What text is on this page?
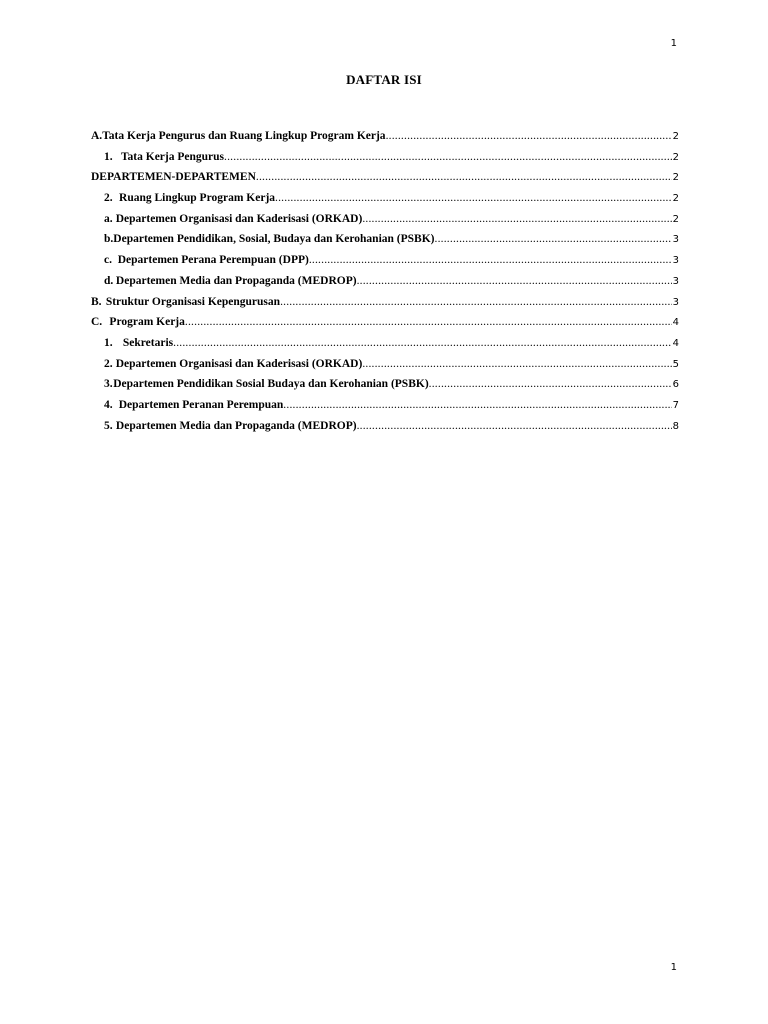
1
DAFTAR ISI
A. Tata Kerja Pengurus dan Ruang Lingkup Program Kerja .....	2
1. Tata Kerja Pengurus .....	2
DEPARTEMEN-DEPARTEMEN .....	2
2. Ruang Lingkup Program Kerja .....	2
a. Departemen Organisasi dan Kaderisasi (ORKAD) .....	2
b. Departemen Pendidikan, Sosial, Budaya dan Kerohanian (PSBK) .....	3
c. Departemen Perana Perempuan (DPP) .....	3
d. Departemen Media dan Propaganda (MEDROP) .....	3
B. Struktur Organisasi Kepengurusan .....	3
C. Program Kerja .....	4
1. Sekretaris .....	4
2. Departemen Organisasi dan Kaderisasi (ORKAD) .....	5
3. Departemen Pendidikan Sosial Budaya dan Kerohanian (PSBK) .....	6
4. Departemen Peranan Perempuan .....	7
5. Departemen Media dan Propaganda (MEDROP) .....	8
1
